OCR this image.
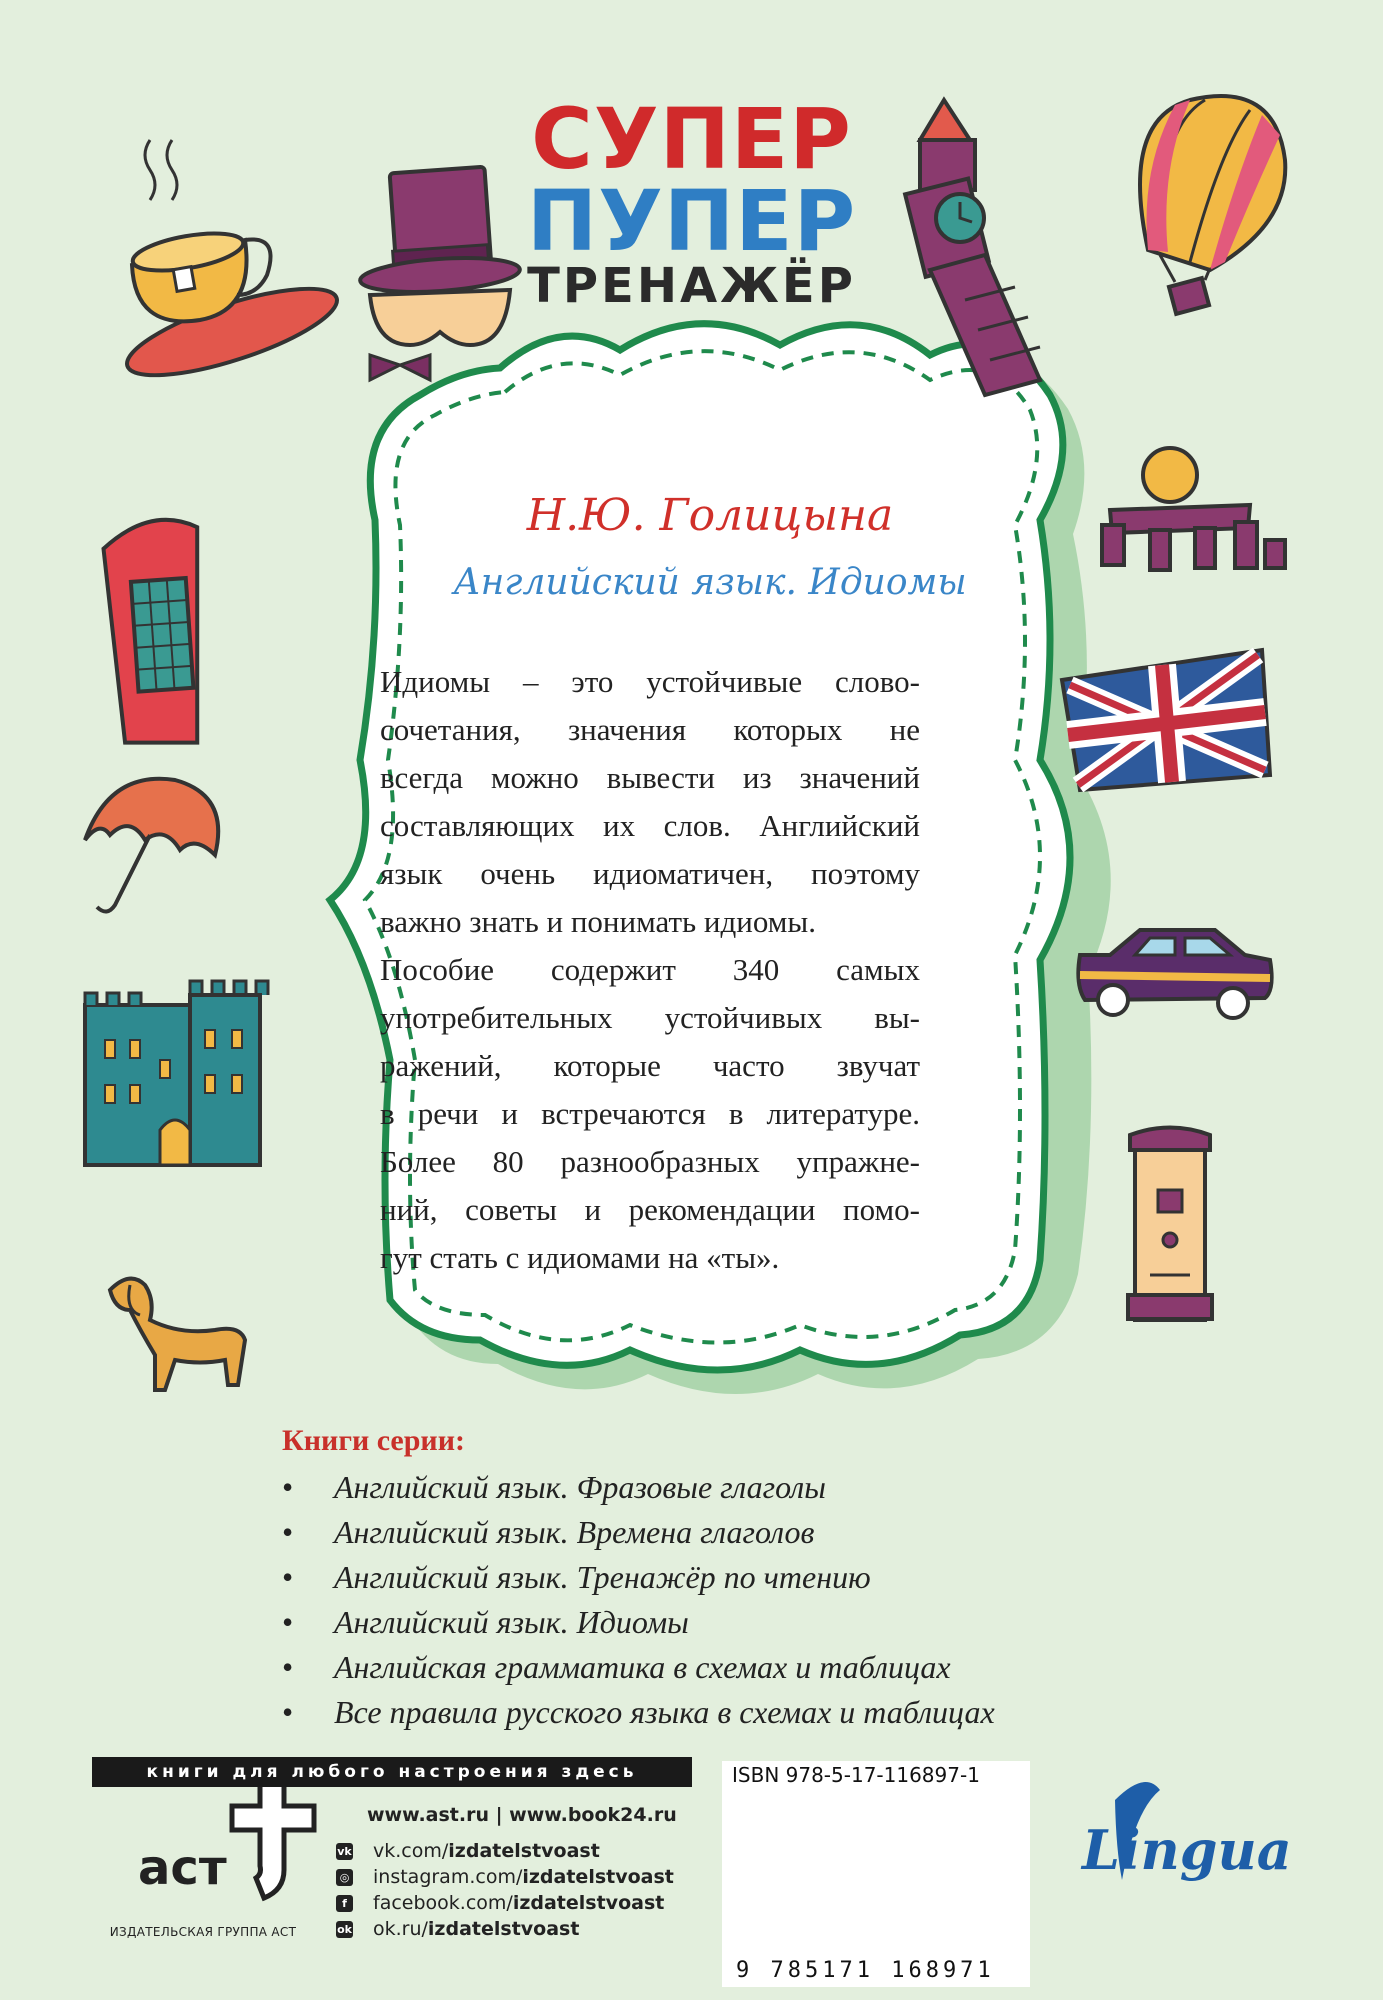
СУПЕР
ПУПЕР
ТРЕНАЖЁР
Н.Ю. Голицына
Английский язык. Идиомы
Идиомы – это устойчивые слово-
сочетания, значения которых не
всегда можно вывести из значений
составляющих их слов. Английский
язык очень идиоматичен, поэтому
важно знать и понимать идиомы.
Пособие содержит 340 самых
употребительных устойчивых вы-
ражений, которые часто звучат
в речи и встречаются в литературе.
Более 80 разнообразных упражне-
ний, советы и рекомендации помо-
гут стать с идиомами на «ты».
Книги серии:
• Английский язык. Фразовые глаголы
• Английский язык. Времена глаголов
• Английский язык. Тренажёр по чтению
• Английский язык. Идиомы
• Английская грамматика в схемах и таблицах
• Все правила русского языка в схемах и таблицах
книги для любого настроения здесь
www.ast.ru | www.book24.ru
vk vk.com/izdatelstvoast
◎ instagram.com/izdatelstvoast
f	facebook.com/izdatelstvoast
ok ok.ru/izdatelstvoast
аст
ИЗДАТЕЛЬСКАЯ ГРУППА АСТ
ISBN 978-5-17-116897-1
9 785171 168971
Lingua
